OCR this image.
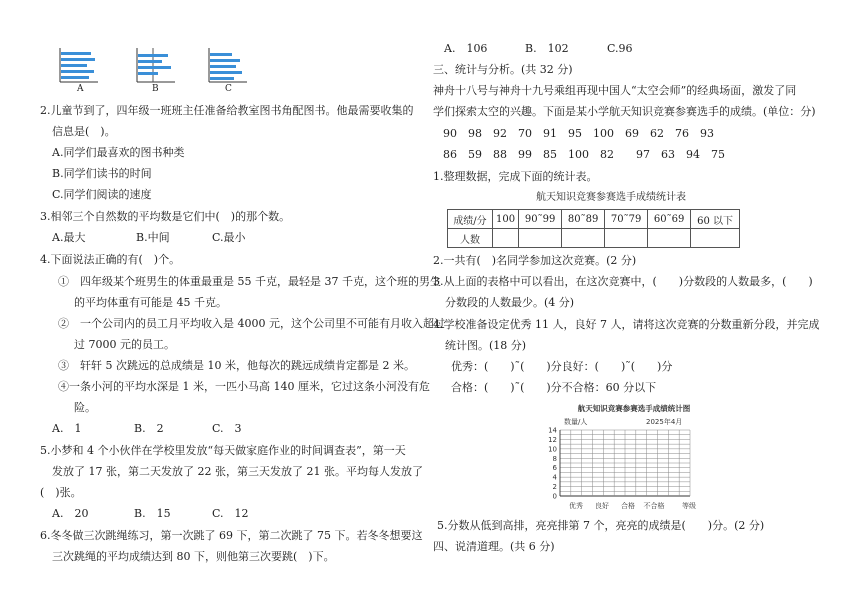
A	B	C
2.儿童节到了，四年级一班班主任准备给教室图书角配图书。他最需要收集的
信息是(　)。
A.同学们最喜欢的图书种类
B.同学们读书的时间
C.同学们阅读的速度
3.相邻三个自然数的平均数是它们中(　)的那个数。
A.最大	B.中间	C.最小
4.下面说法正确的有(　)个。
①　四年级某个班男生的体重最重是 55 千克，最轻是 37 千克，这个班的男生
的平均体重有可能是 45 千克。
②　一个公司内的员工月平均收入是 4000 元，这个公司里不可能有月收入超过
过 7000 元的员工。
③　轩轩 5 次跳远的总成绩是 10 米，他每次的跳远成绩肯定都是 2 米。
④一条小河的平均水深是 1 米，一匹小马高 140 厘米，它过这条小河没有危
险。
A.　1	B.　2	C.　3
5.小梦和 4 个小伙伴在学校里发放“每天做家庭作业的时间调查表”，第一天
发放了 17 张，第二天发放了 22 张，第三天发放了 21 张。平均每人发放了
(　)张。
A.　20	B.　15	C.　12
6.冬冬做三次跳绳练习，第一次跳了 69 下，第二次跳了 75 下。若冬冬想要这
三次跳绳的平均成绩达到 80 下，则他第三次要跳(　)下。
A.　106	B.　102	C.96
三、统计与分析。(共 32 分)
神舟十八号与神舟十九号乘组再现中国人“太空会师”的经典场面，激发了同
学们探索太空的兴趣。下面是某小学航天知识竞赛参赛选手的成绩。(单位：分)
90　98　92　70　91　95　100　69　62　76　93
86　59　88　99　85　100　82　　97　63　94　75
1.整理数据，完成下面的统计表。
航天知识竞赛参赛选手成绩统计表
成绩/分	100	90˜99	80˜89	70˜79	60˜69	60 以下
人数						
2.一共有(　)名同学参加这次竞赛。(2 分)
3.从上面的表格中可以看出，在这次竞赛中，(　　)分数段的人数最多，(　　)
分数段的人数最少。(4 分)
4.学校准备设定优秀 11 人，良好 7 人，请将这次竞赛的分数重新分段，并完成
统计图。(18 分)
优秀：(　　)˜(　　)分良好：(　　)˜(　　)分
合格：(　　)˜(　　)分不合格：60 分以下
航天知识竞赛参赛选手成绩统计图
数量/人	2025年4月
0
2
4
6
8
10
12
14
优秀 良好 合格 不合格	等级
5.分数从低到高排，亮亮排第 7 个，亮亮的成绩是(　　)分。(2 分)
四、说清道理。(共 6 分)
